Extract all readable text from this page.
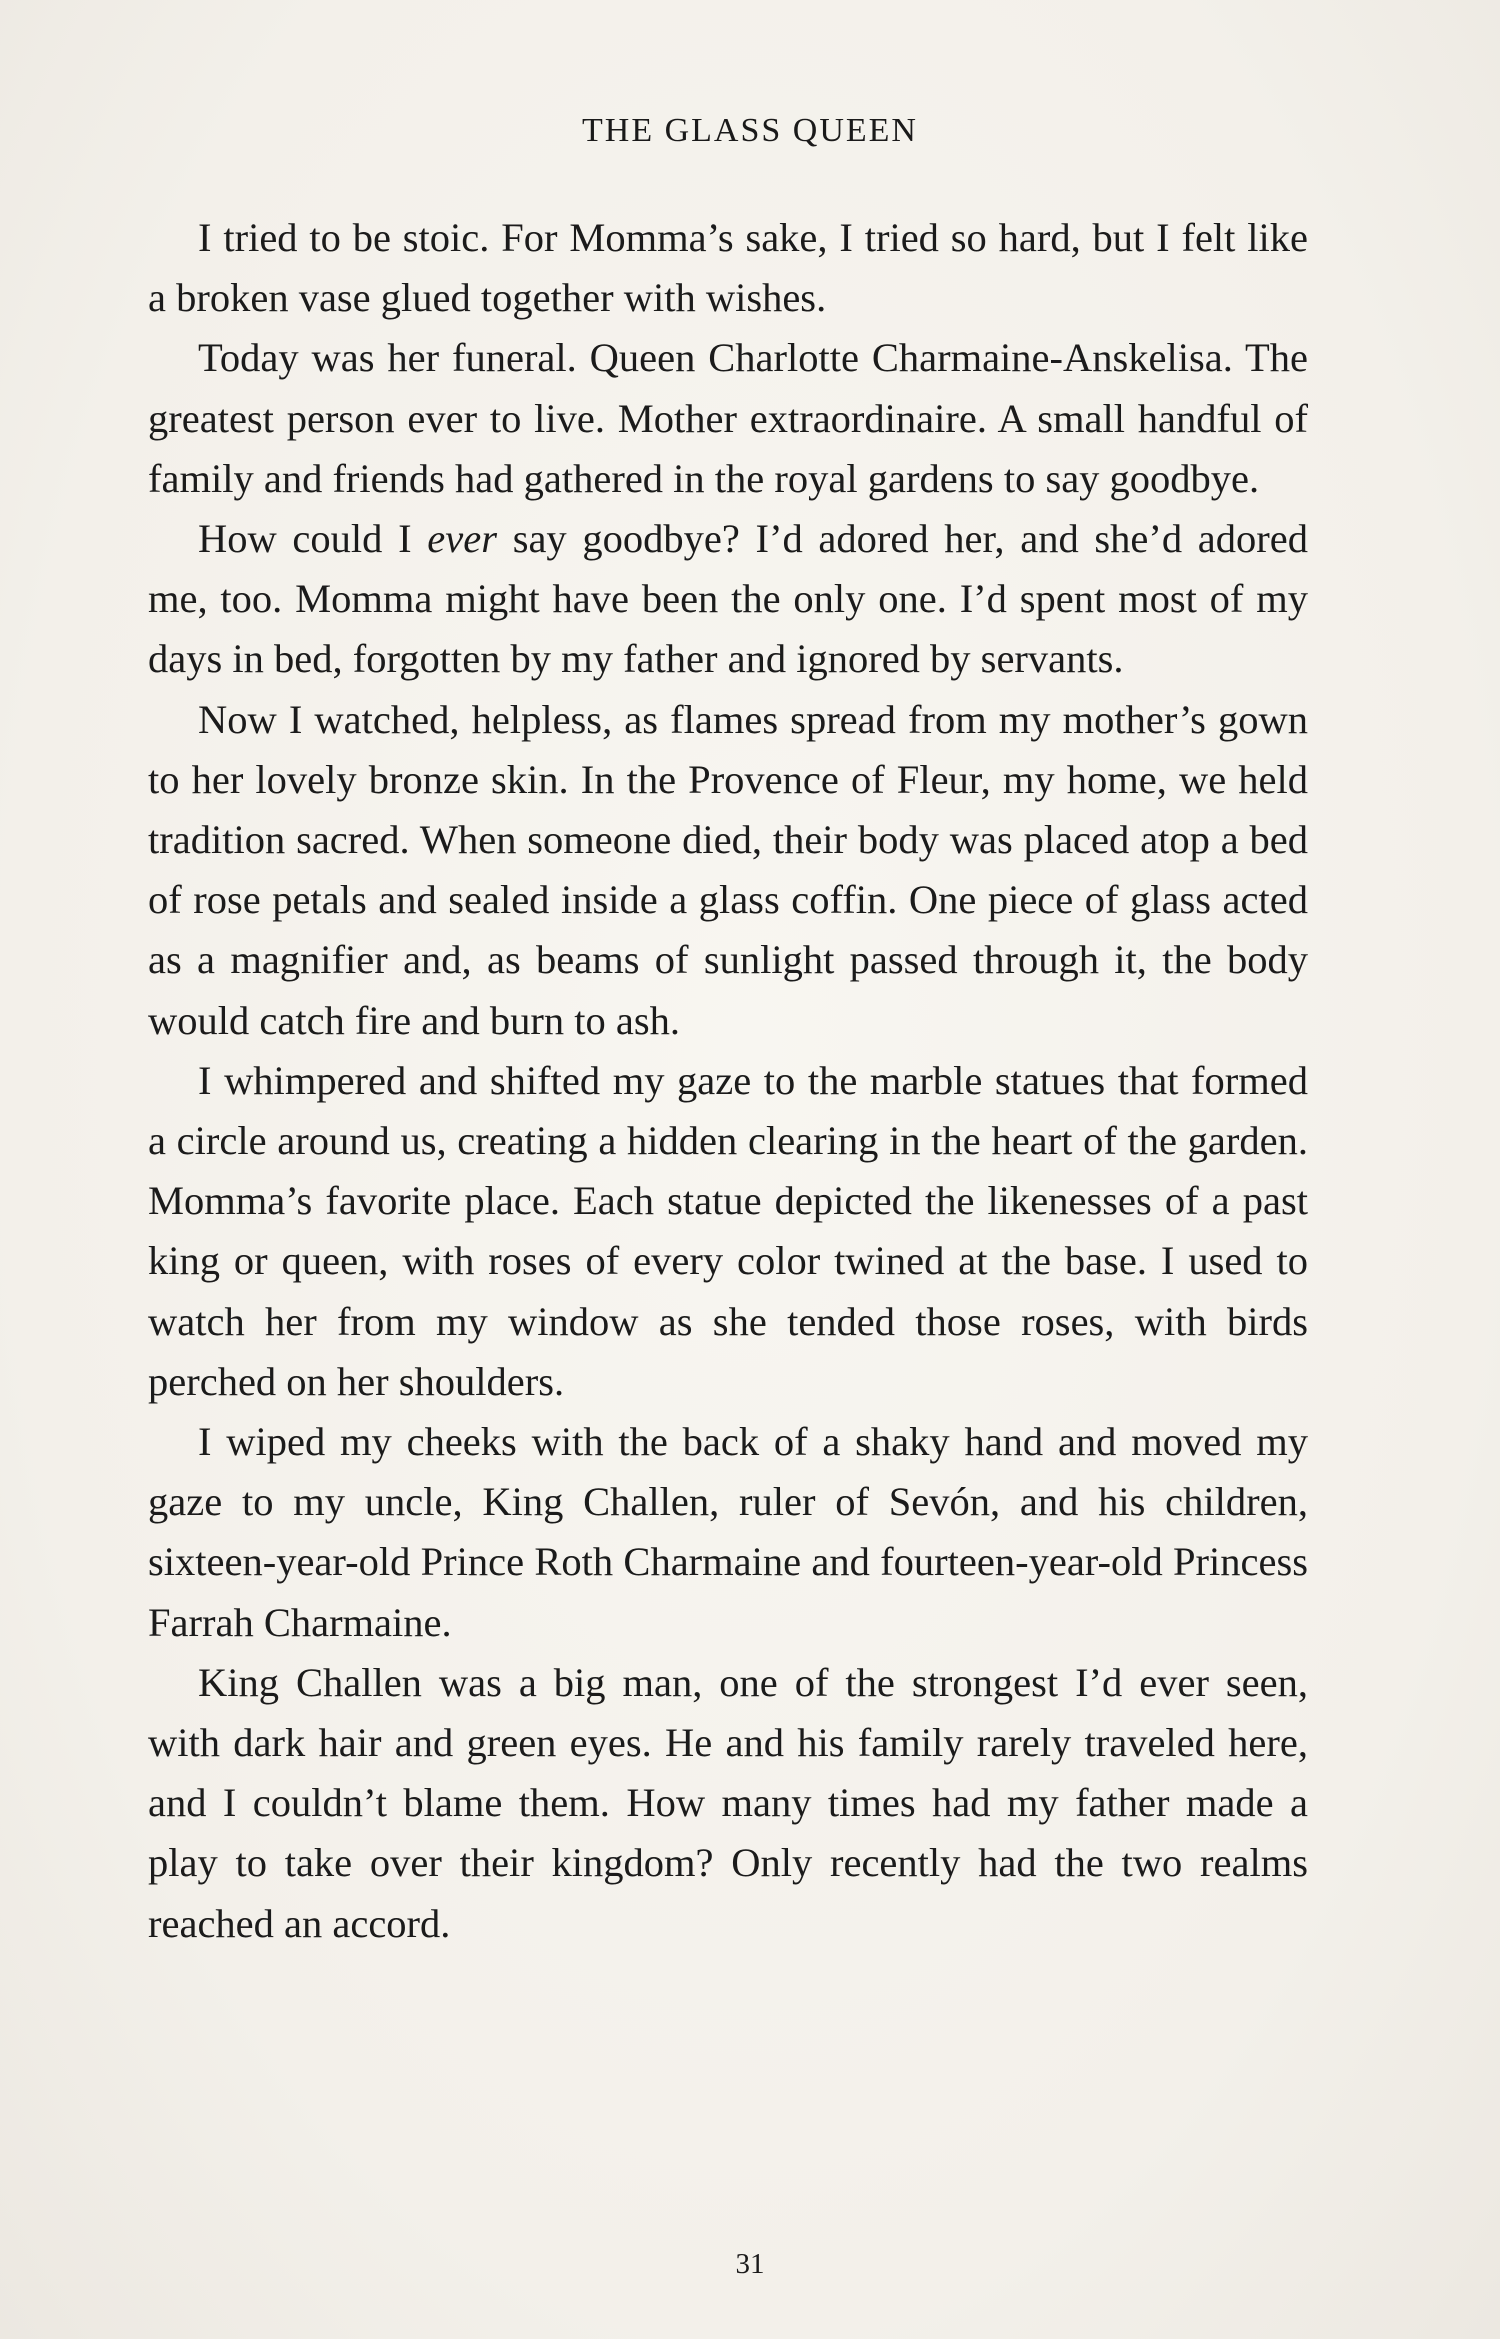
THE GLASS QUEEN

I tried to be stoic. For Momma’s sake, I tried so hard, but I felt like a broken vase glued together with wishes.

Today was her funeral. Queen Charlotte Charmaine-Anskelisa. The greatest person ever to live. Mother extraordinaire. A small handful of family and friends had gathered in the royal gardens to say goodbye.

How could I ever say goodbye? I’d adored her, and she’d adored me, too. Momma might have been the only one. I’d spent most of my days in bed, forgotten by my father and ignored by servants.

Now I watched, helpless, as flames spread from my mother’s gown to her lovely bronze skin. In the Provence of Fleur, my home, we held tradition sacred. When someone died, their body was placed atop a bed of rose petals and sealed inside a glass coffin. One piece of glass acted as a magnifier and, as beams of sunlight passed through it, the body would catch fire and burn to ash.

I whimpered and shifted my gaze to the marble statues that formed a circle around us, creating a hidden clearing in the heart of the garden. Momma’s favorite place. Each statue depicted the likenesses of a past king or queen, with roses of every color twined at the base. I used to watch her from my window as she tended those roses, with birds perched on her shoulders.

I wiped my cheeks with the back of a shaky hand and moved my gaze to my uncle, King Challen, ruler of Sevón, and his children, sixteen-year-old Prince Roth Charmaine and fourteen-year-old Princess Farrah Charmaine.

King Challen was a big man, one of the strongest I’d ever seen, with dark hair and green eyes. He and his family rarely traveled here, and I couldn’t blame them. How many times had my father made a play to take over their kingdom? Only recently had the two realms reached an accord.

31
